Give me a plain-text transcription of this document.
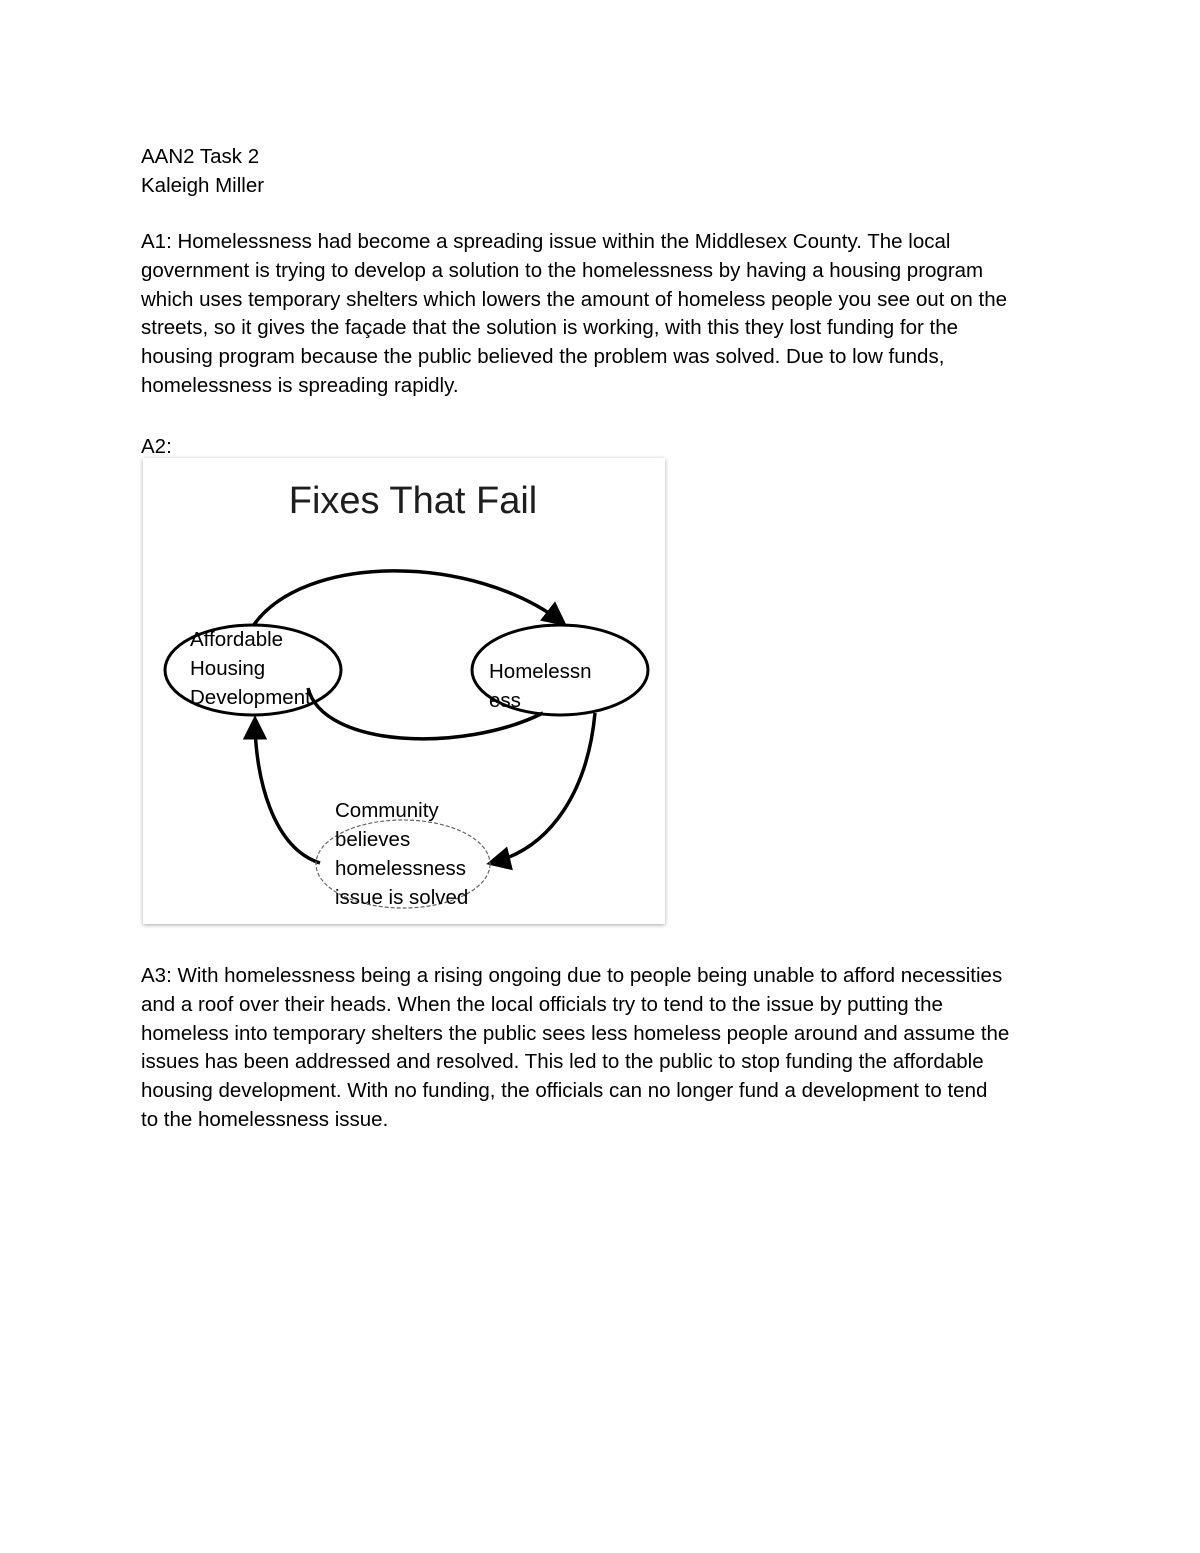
AAN2 Task 2
Kaleigh Miller
A1: Homelessness had become a spreading issue within the Middlesex County. The local
government is trying to develop a solution to the homelessness by having a housing program
which uses temporary shelters which lowers the amount of homeless people you see out on the
streets, so it gives the façade that the solution is working, with this they lost funding for the
housing program because the public believed the problem was solved. Due to low funds,
homelessness is spreading rapidly.
A2:
Fixes That Fail
Affordable
Housing
Development
Homelessn
ess
Community
believes
homelessness
issue is solved
A3: With homelessness being a rising ongoing due to people being unable to afford necessities
and a roof over their heads. When the local officials try to tend to the issue by putting the
homeless into temporary shelters the public sees less homeless people around and assume the
issues has been addressed and resolved. This led to the public to stop funding the affordable
housing development. With no funding, the officials can no longer fund a development to tend
to the homelessness issue.
